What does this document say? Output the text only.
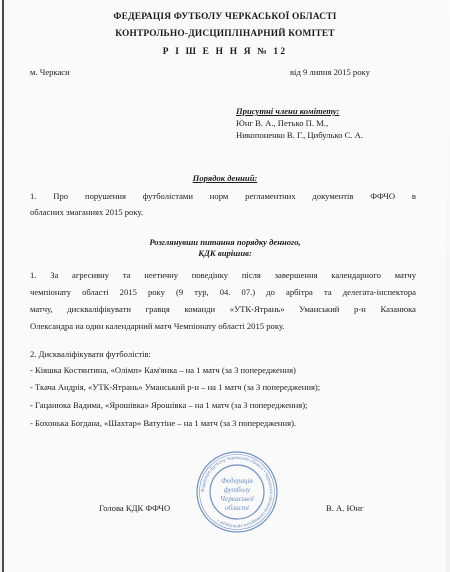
ФЕДЕРАЦІЯ ФУТБОЛУ ЧЕРКАСЬКОЇ ОБЛАСТІ
КОНТРОЛЬНО-ДИСЦИПЛІНАРНИЙ КОМІТЕТ
Р І Ш Е Н Н Я № 12
м. Черкаси	від 9 липня 2015 року
Присутні члени комітету:
Юнг В. А., Петько П. М.,
Никопоненко В. Г., Цибулько С. А.
Порядок денний:
1. Про порушення футболістами норм регламентних документів ФФЧО в
обласних змаганнях 2015 року.
Розглянувши питання порядку денного,
КДК вирішив:
1. За агресивну та неетичну поведінку після завершення календарного матчу
чемпіонату області 2015 року (9 тур, 04. 07.) до арбітра та делегата-інспектора
матчу, дискваліфікувати гравця команди «УТК-Ятрань» Уманський р-н Казанюка
Олександра на один календарний матч Чемпіонату області 2015 року.
2. Дискваліфікувати футболістів:
- Кіяшка Костянтина, «Олімп» Кам'янка – на 1 матч (за 3 попередження)
- Ткача Андрія, «УТК-Ятрань» Уманський р-н – на 1 матч (за 3 попередження);
- Гацанюка Вадима, «Ярошівка» Ярошівка – на 1 матч (за 3 попередження);
- Бохонька Богдана, «Шахтар» Ватутіне – на 1 матч (за 3 попередження).
Федерація футболу Черкаської області • Черкаська обласна громадська організація •
Федерація
футболу
Черкаської
області
Голова КДК ФФЧО	В. А. Юнг
